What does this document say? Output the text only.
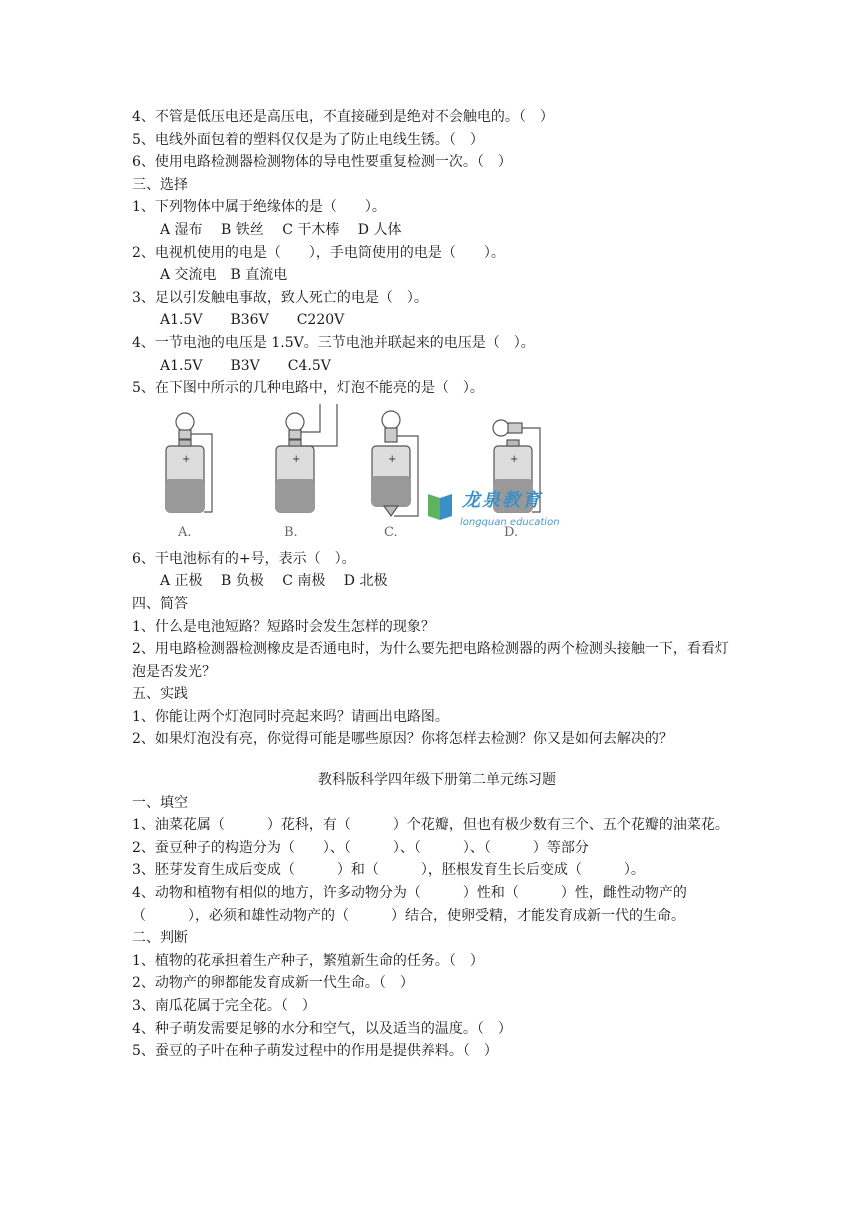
4、不管是低压电还是高压电，不直接碰到是绝对不会触电的。（　）
5、电线外面包着的塑料仅仅是为了防止电线生锈。（　）
6、使用电路检测器检测物体的导电性要重复检测一次。（　）
三、选择
1、下列物体中属于绝缘体的是（　　）。
A 湿布　 B 铁丝　 C 干木棒　 D 人体
2、电视机使用的电是（　　），手电筒使用的电是（　　）。
A 交流电　B 直流电
3、足以引发触电事故，致人死亡的电是（　）。
A1.5V　　B36V　　C220V
4、一节电池的电压是 1.5V。三节电池并联起来的电压是（　）。
A1.5V　　B3V　　C4.5V
5、在下图中所示的几种电路中，灯泡不能亮的是（　）。
+	+	+	+
A.	B.	C.	D.
龙泉教育
longquan education
6、干电池标有的+号，表示（　）。
A 正极　 B 负极　 C 南极　 D 北极
四、简答
1、什么是电池短路？短路时会发生怎样的现象？
2、用电路检测器检测橡皮是否通电时，为什么要先把电路检测器的两个检测头接触一下，看看灯泡是否发光？
五、实践
1、你能让两个灯泡同时亮起来吗？请画出电路图。
2、如果灯泡没有亮，你觉得可能是哪些原因？你将怎样去检测？你又是如何去解决的？
教科版科学四年级下册第二单元练习题
一、填空
1、油菜花属（　　　）花科，有（　　　）个花瓣，但也有极少数有三个、五个花瓣的油菜花。
2、蚕豆种子的构造分为（　　）、（　　　）、（　　　）、（　　　）等部分
3、胚芽发育生成后变成（　　　）和（　　　），胚根发育生长后变成（　　　）。
4、动物和植物有相似的地方，许多动物分为（　　　）性和（　　　）性，雌性动物产的（　　　），必须和雄性动物产的（　　　）结合，使卵受精，才能发育成新一代的生命。
二、判断
1、植物的花承担着生产种子，繁殖新生命的任务。（　）
2、动物产的卵都能发育成新一代生命。（　）
3、南瓜花属于完全花。（　）
4、种子萌发需要足够的水分和空气，以及适当的温度。（　）
5、蚕豆的子叶在种子萌发过程中的作用是提供养料。（　）
